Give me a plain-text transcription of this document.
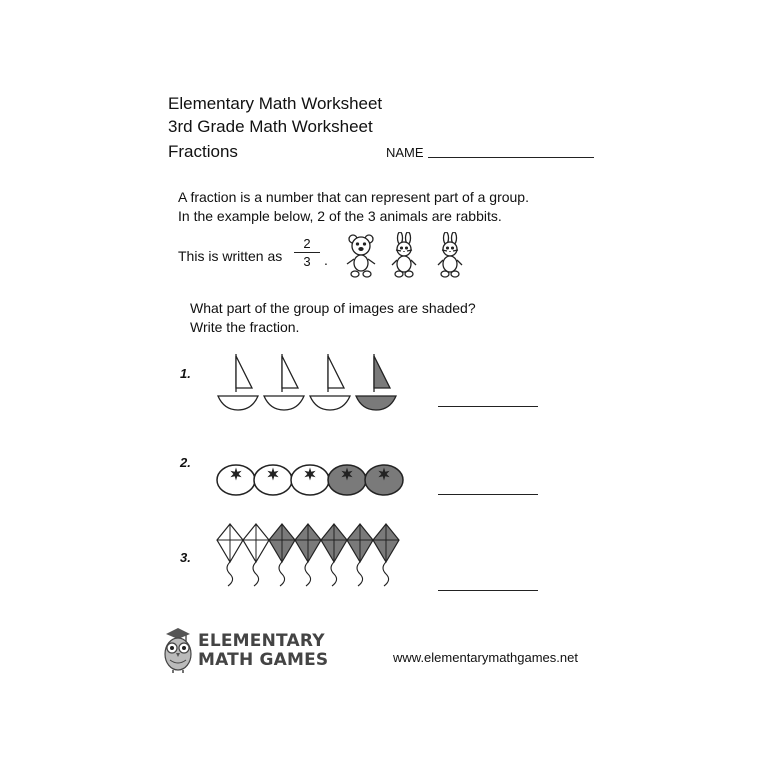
Elementary Math Worksheet
3rd Grade Math Worksheet
Fractions	NAME
A fraction is a number that can represent part of a group.
In the example below, 2 of the 3 animals are rabbits.
This is written as
2
3 .
What part of the group of images are shaded?
Write the fraction.
1.
2.
3.
ELEMENTARY
MATH GAMES	www.elementarymathgames.net
